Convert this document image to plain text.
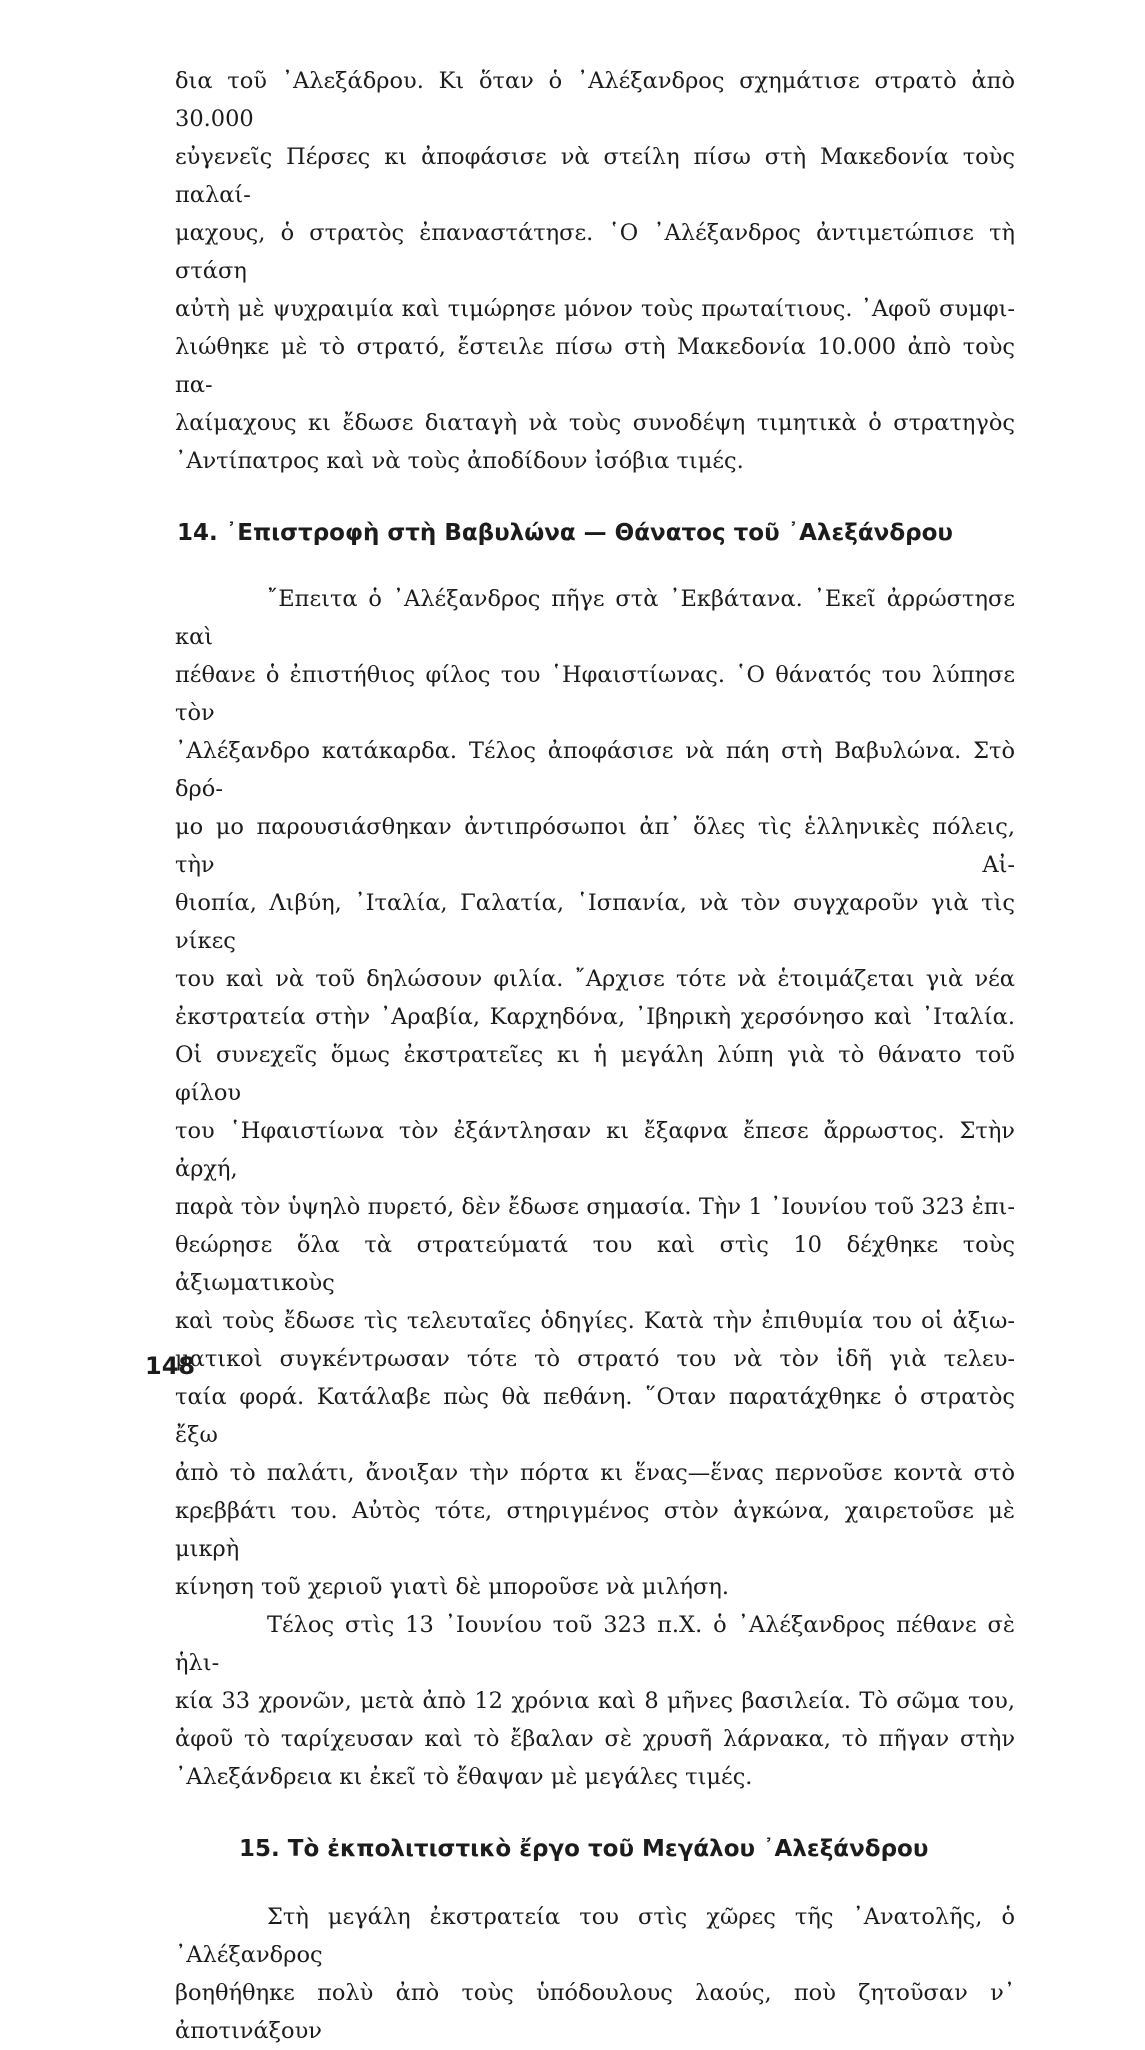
δια τοῦ ᾿Αλεξάδρου. Κι ὅταν ὁ ᾿Αλέξανδρος σχημάτισε στρατὸ ἀπὸ 30.000

εὐγενεῖς Πέρσες κι ἀποφάσισε νὰ στείλη πίσω στὴ Μακεδονία τοὺς παλαί-

μαχους, ὁ στρατὸς ἐπαναστάτησε. ῾Ο ᾿Αλέξανδρος ἀντιμετώπισε τὴ στάση

αὐτὴ μὲ ψυχραιμία καὶ τιμώρησε μόνον τοὺς πρωταίτιους. ᾿Αφοῦ συμφι-

λιώθηκε μὲ τὸ στρατό, ἔστειλε πίσω στὴ Μακεδονία 10.000 ἀπὸ τοὺς πα-

λαίμαχους κι ἔδωσε διαταγὴ νὰ τοὺς συνοδέψη τιμητικὰ ὁ στρατηγὸς

᾿Αντίπατρος καὶ νὰ τοὺς ἀποδίδουν ἰσόβια τιμές.

14. ᾿Επιστροφὴ στὴ Βαβυλώνα — Θάνατος τοῦ ᾿Αλεξάνδρου

῎Επειτα ὁ ᾿Αλέξανδρος πῆγε στὰ ᾿Εκβάτανα. ᾿Εκεῖ ἀρρώστησε καὶ

πέθανε ὁ ἐπιστήθιος φίλος του ῾Ηφαιστίωνας. ῾Ο θάνατός του λύπησε τὸν

᾿Αλέξανδρο κατάκαρδα. Τέλος ἀποφάσισε νὰ πάη στὴ Βαβυλώνα. Στὸ δρό-

μο μο παρουσιάσθηκαν ἀντιπρόσωποι ἀπ᾿ ὅλες τὶς ἑλληνικὲς πόλεις, τὴν Αἰ-

θιοπία, Λιβύη, ᾿Ιταλία, Γαλατία, ῾Ισπανία, νὰ τὸν συγχαροῦν γιὰ τὶς νίκες

του καὶ νὰ τοῦ δηλώσουν φιλία. ῎Αρχισε τότε νὰ ἑτοιμάζεται γιὰ νέα

ἐκστρατεία στὴν ᾿Αραβία, Καρχηδόνα, ᾿Ιβηρικὴ χερσόνησο καὶ ᾿Ιταλία.

Οἱ συνεχεῖς ὅμως ἐκστρατεῖες κι ἡ μεγάλη λύπη γιὰ τὸ θάνατο τοῦ φίλου

του ῾Ηφαιστίωνα τὸν ἐξάντλησαν κι ἔξαφνα ἔπεσε ἄρρωστος. Στὴν ἀρχή,

παρὰ τὸν ὑψηλὸ πυρετό, δὲν ἔδωσε σημασία. Τὴν 1 ᾿Ιουνίου τοῦ 323 ἐπι-

θεώρησε ὅλα τὰ στρατεύματά του καὶ στὶς 10 δέχθηκε τοὺς ἀξιωματικοὺς

καὶ τοὺς ἔδωσε τὶς τελευταῖες ὁδηγίες. Κατὰ τὴν ἐπιθυμία του οἱ ἀξιω-

ματικοὶ συγκέντρωσαν τότε τὸ στρατό του νὰ τὸν ἰδῆ γιὰ τελευ-

ταία φορά. Κατάλαβε πὼς θὰ πεθάνη. ῞Οταν παρατάχθηκε ὁ στρατὸς ἔξω

ἀπὸ τὸ παλάτι, ἄνοιξαν τὴν πόρτα κι ἕνας—ἕνας περνοῦσε κοντὰ στὸ

κρεββάτι του. Αὐτὸς τότε, στηριγμένος στὸν ἀγκώνα, χαιρετοῦσε μὲ μικρὴ

κίνηση τοῦ χεριοῦ γιατὶ δὲ μποροῦσε νὰ μιλήση.

Τέλος στὶς 13 ᾿Ιουνίου τοῦ 323 π.Χ. ὁ ᾿Αλέξανδρος πέθανε σὲ ἡλι-

κία 33 χρονῶν, μετὰ ἀπὸ 12 χρόνια καὶ 8 μῆνες βασιλεία. Τὸ σῶμα του,

ἀφοῦ τὸ ταρίχευσαν καὶ τὸ ἔβαλαν σὲ χρυσῆ λάρνακα, τὸ πῆγαν στὴν

᾿Αλεξάνδρεια κι ἐκεῖ τὸ ἔθαψαν μὲ μεγάλες τιμές.

15. Τὸ ἐκπολιτιστικὸ ἔργο τοῦ Μεγάλου ᾿Αλεξάνδρου

Στὴ μεγάλη ἐκστρατεία του στὶς χῶρες τῆς ᾿Ανατολῆς, ὁ ᾿Αλέξανδρος

βοηθήθηκε πολὺ ἀπὸ τοὺς ὑπόδουλους λαούς, ποὺ ζητοῦσαν ν᾿ ἀποτινάξουν

148
